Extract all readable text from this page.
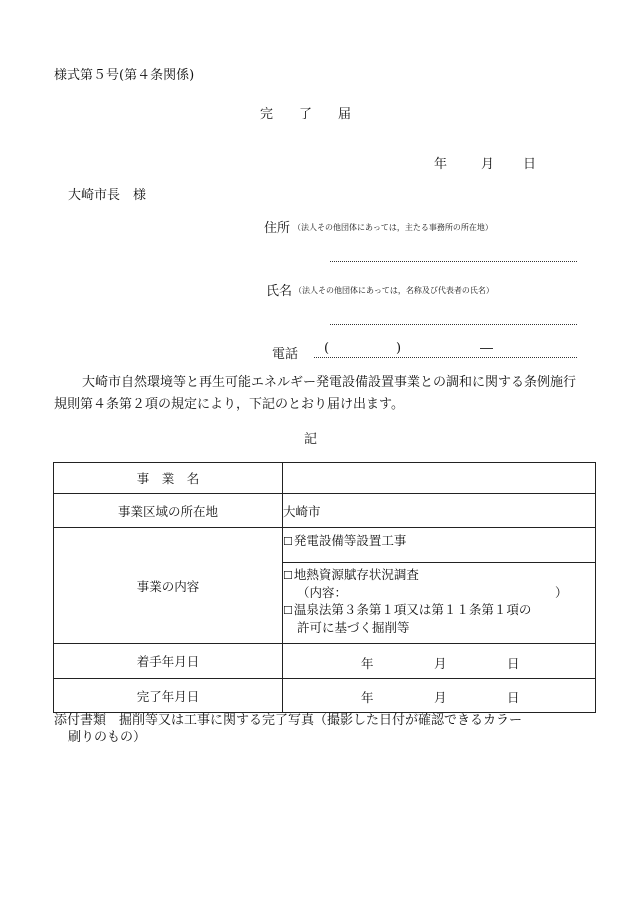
様式第５号(第４条関係)
完　　了　　届
年	月 日
大崎市長　様
住所 （法人その他団体にあっては，主たる事務所の所在地）
氏名 （法人その他団体にあっては，名称及び代表者の氏名）
電話 (	)	―
大崎市自然環境等と再生可能エネルギー発電設備設置事業との調和に関する条例施行規則第４条第２項の規定により，下記のとおり届け出ます。
記
事　業　名	
事業区域の所在地	大崎市
事業の内容	☐発電設備等設置工事

	☐地熱資源賦存状況調査
（内容： ）
☐温泉法第３条第１項又は第１１条第１項の
許可に基づく掘削等

着手年月日	年 月 日

完了年月日	年 月 日
添付書類　掘削等又は工事に関する完了写真（撮影した日付が確認できるカラー
刷りのもの）
